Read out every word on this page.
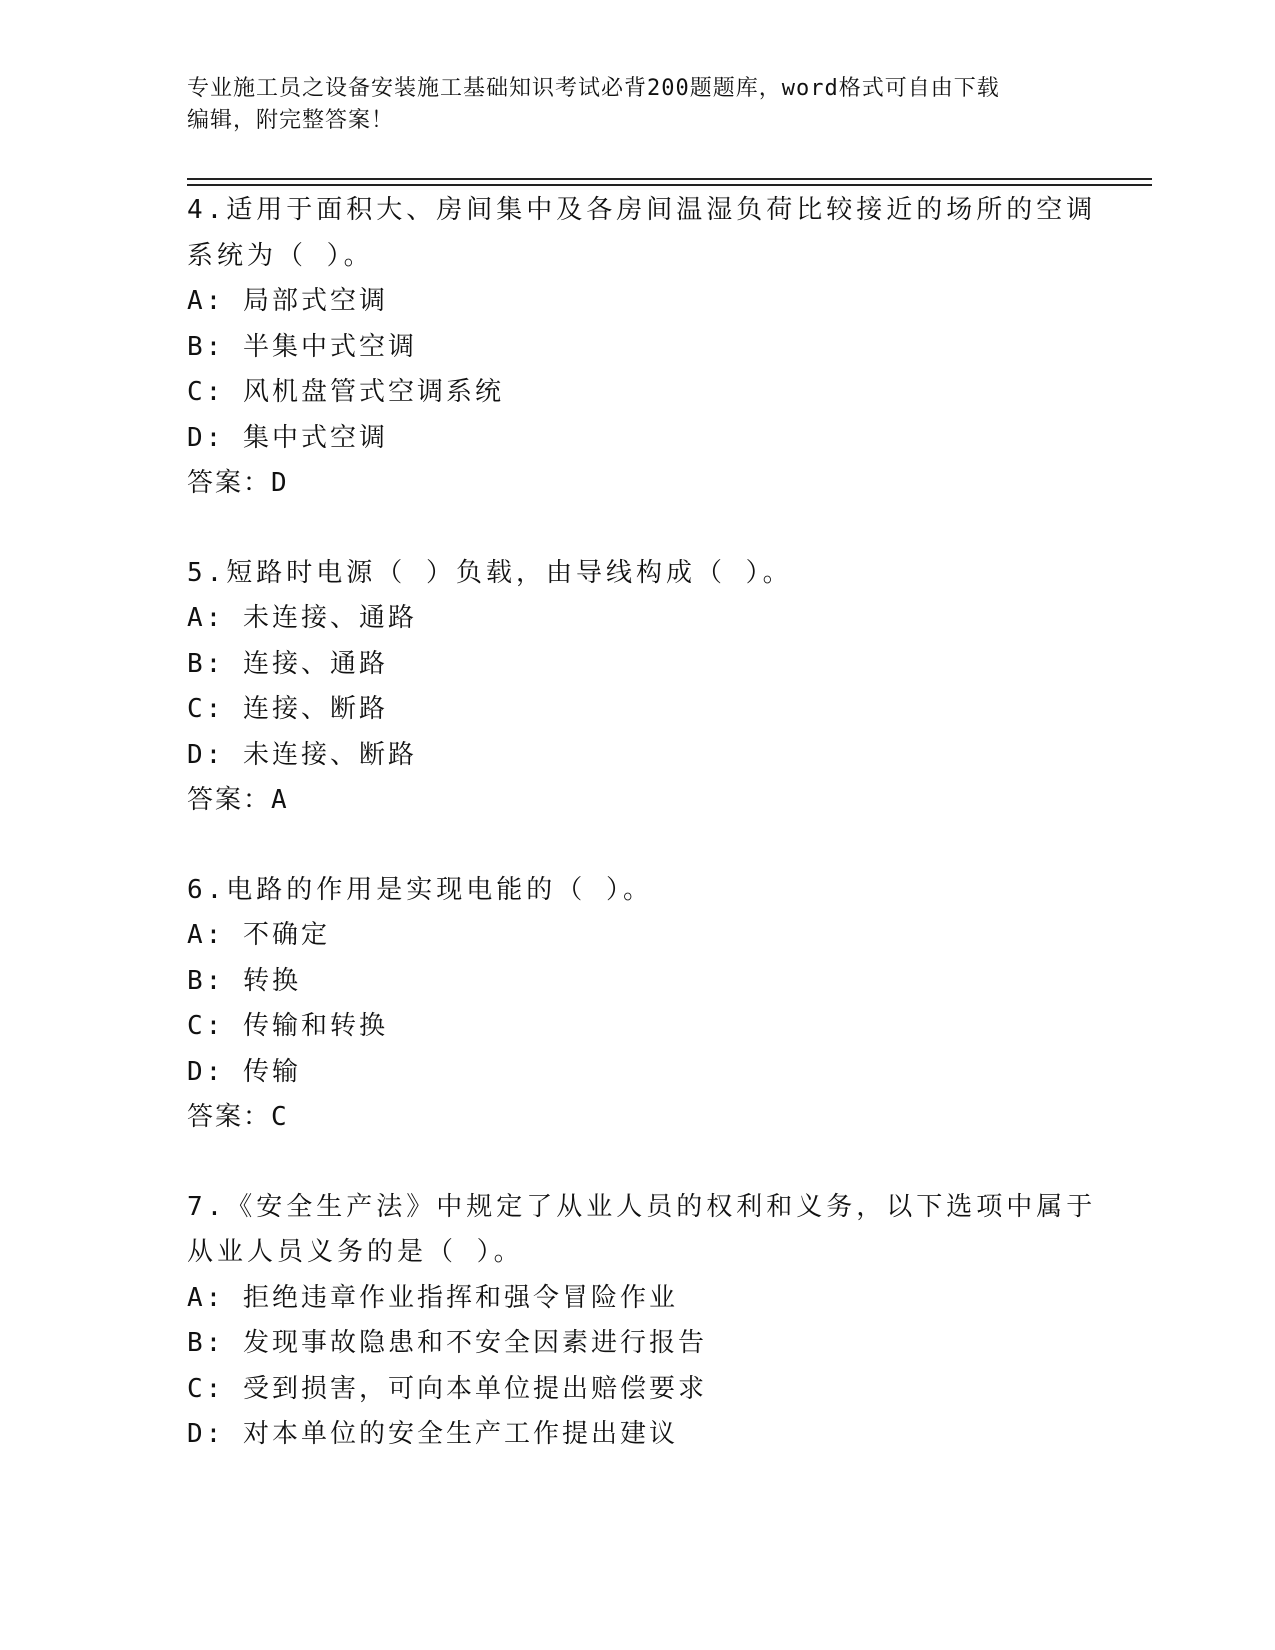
专业施工员之设备安装施工基础知识考试必背200题题库，word格式可自由下载
编辑，附完整答案！
4.适用于面积大、房间集中及各房间温湿负荷比较接近的场所的空调
系统为（ ）。
A: 局部式空调
B: 半集中式空调
C: 风机盘管式空调系统
D: 集中式空调
答案：D
5.短路时电源（ ）负载，由导线构成（ ）。
A: 未连接、通路
B: 连接、通路
C: 连接、断路
D: 未连接、断路
答案：A
6.电路的作用是实现电能的（ ）。
A: 不确定
B: 转换
C: 传输和转换
D: 传输
答案：C
7.《安全生产法》中规定了从业人员的权利和义务，以下选项中属于
从业人员义务的是（ ）。
A: 拒绝违章作业指挥和强令冒险作业
B: 发现事故隐患和不安全因素进行报告
C: 受到损害，可向本单位提出赔偿要求
D: 对本单位的安全生产工作提出建议
